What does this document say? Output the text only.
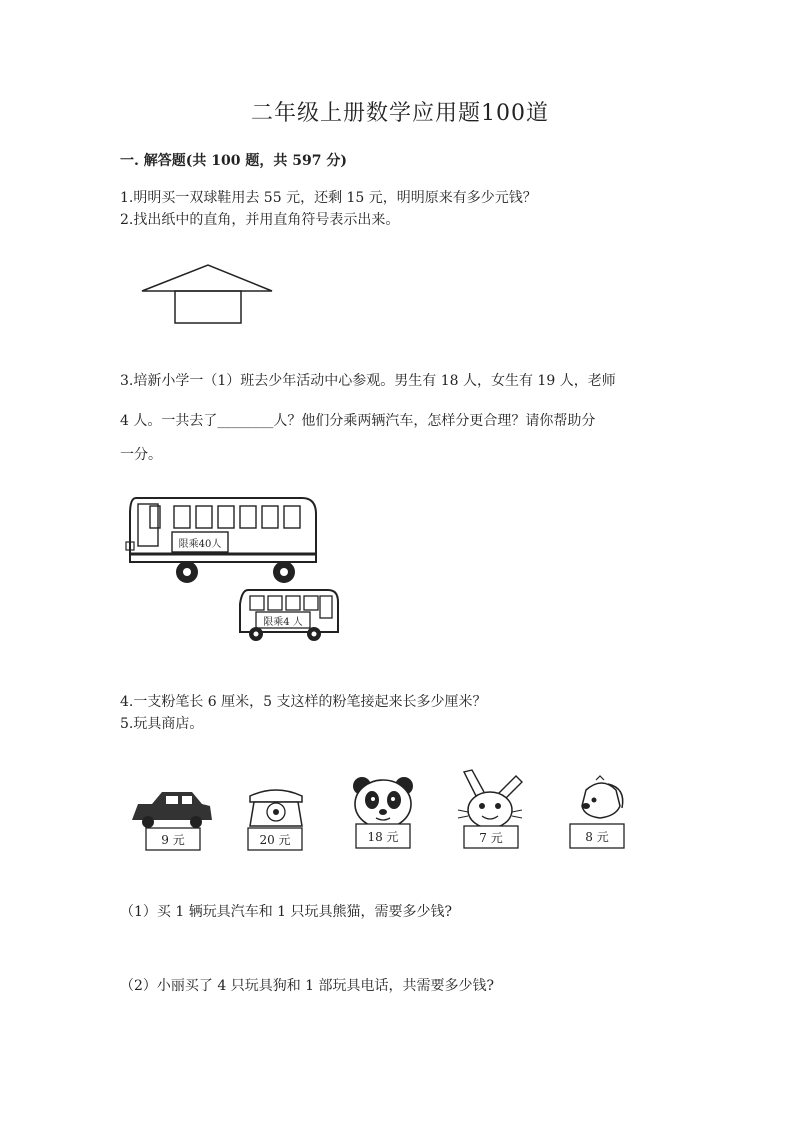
二年级上册数学应用题100道
一. 解答题(共 100 题，共 597 分)
1.明明买一双球鞋用去 55 元，还剩 15 元，明明原来有多少元钱？
2.找出纸中的直角，并用直角符号表示出来。
3.培新小学一（1）班去少年活动中心参观。男生有 18 人，女生有 19 人，老师
4 人。一共去了________人？他们分乘两辆汽车，怎样分更合理？请你帮助分
一分。
限乘40人
限乘4 人
4.一支粉笔长 6 厘米，5 支这样的粉笔接起来长多少厘米？
5.玩具商店。
9 元	20 元	18 元	7 元	8 元
（1）买 1 辆玩具汽车和 1 只玩具熊猫，需要多少钱?
（2）小丽买了 4 只玩具狗和 1 部玩具电话，共需要多少钱?
